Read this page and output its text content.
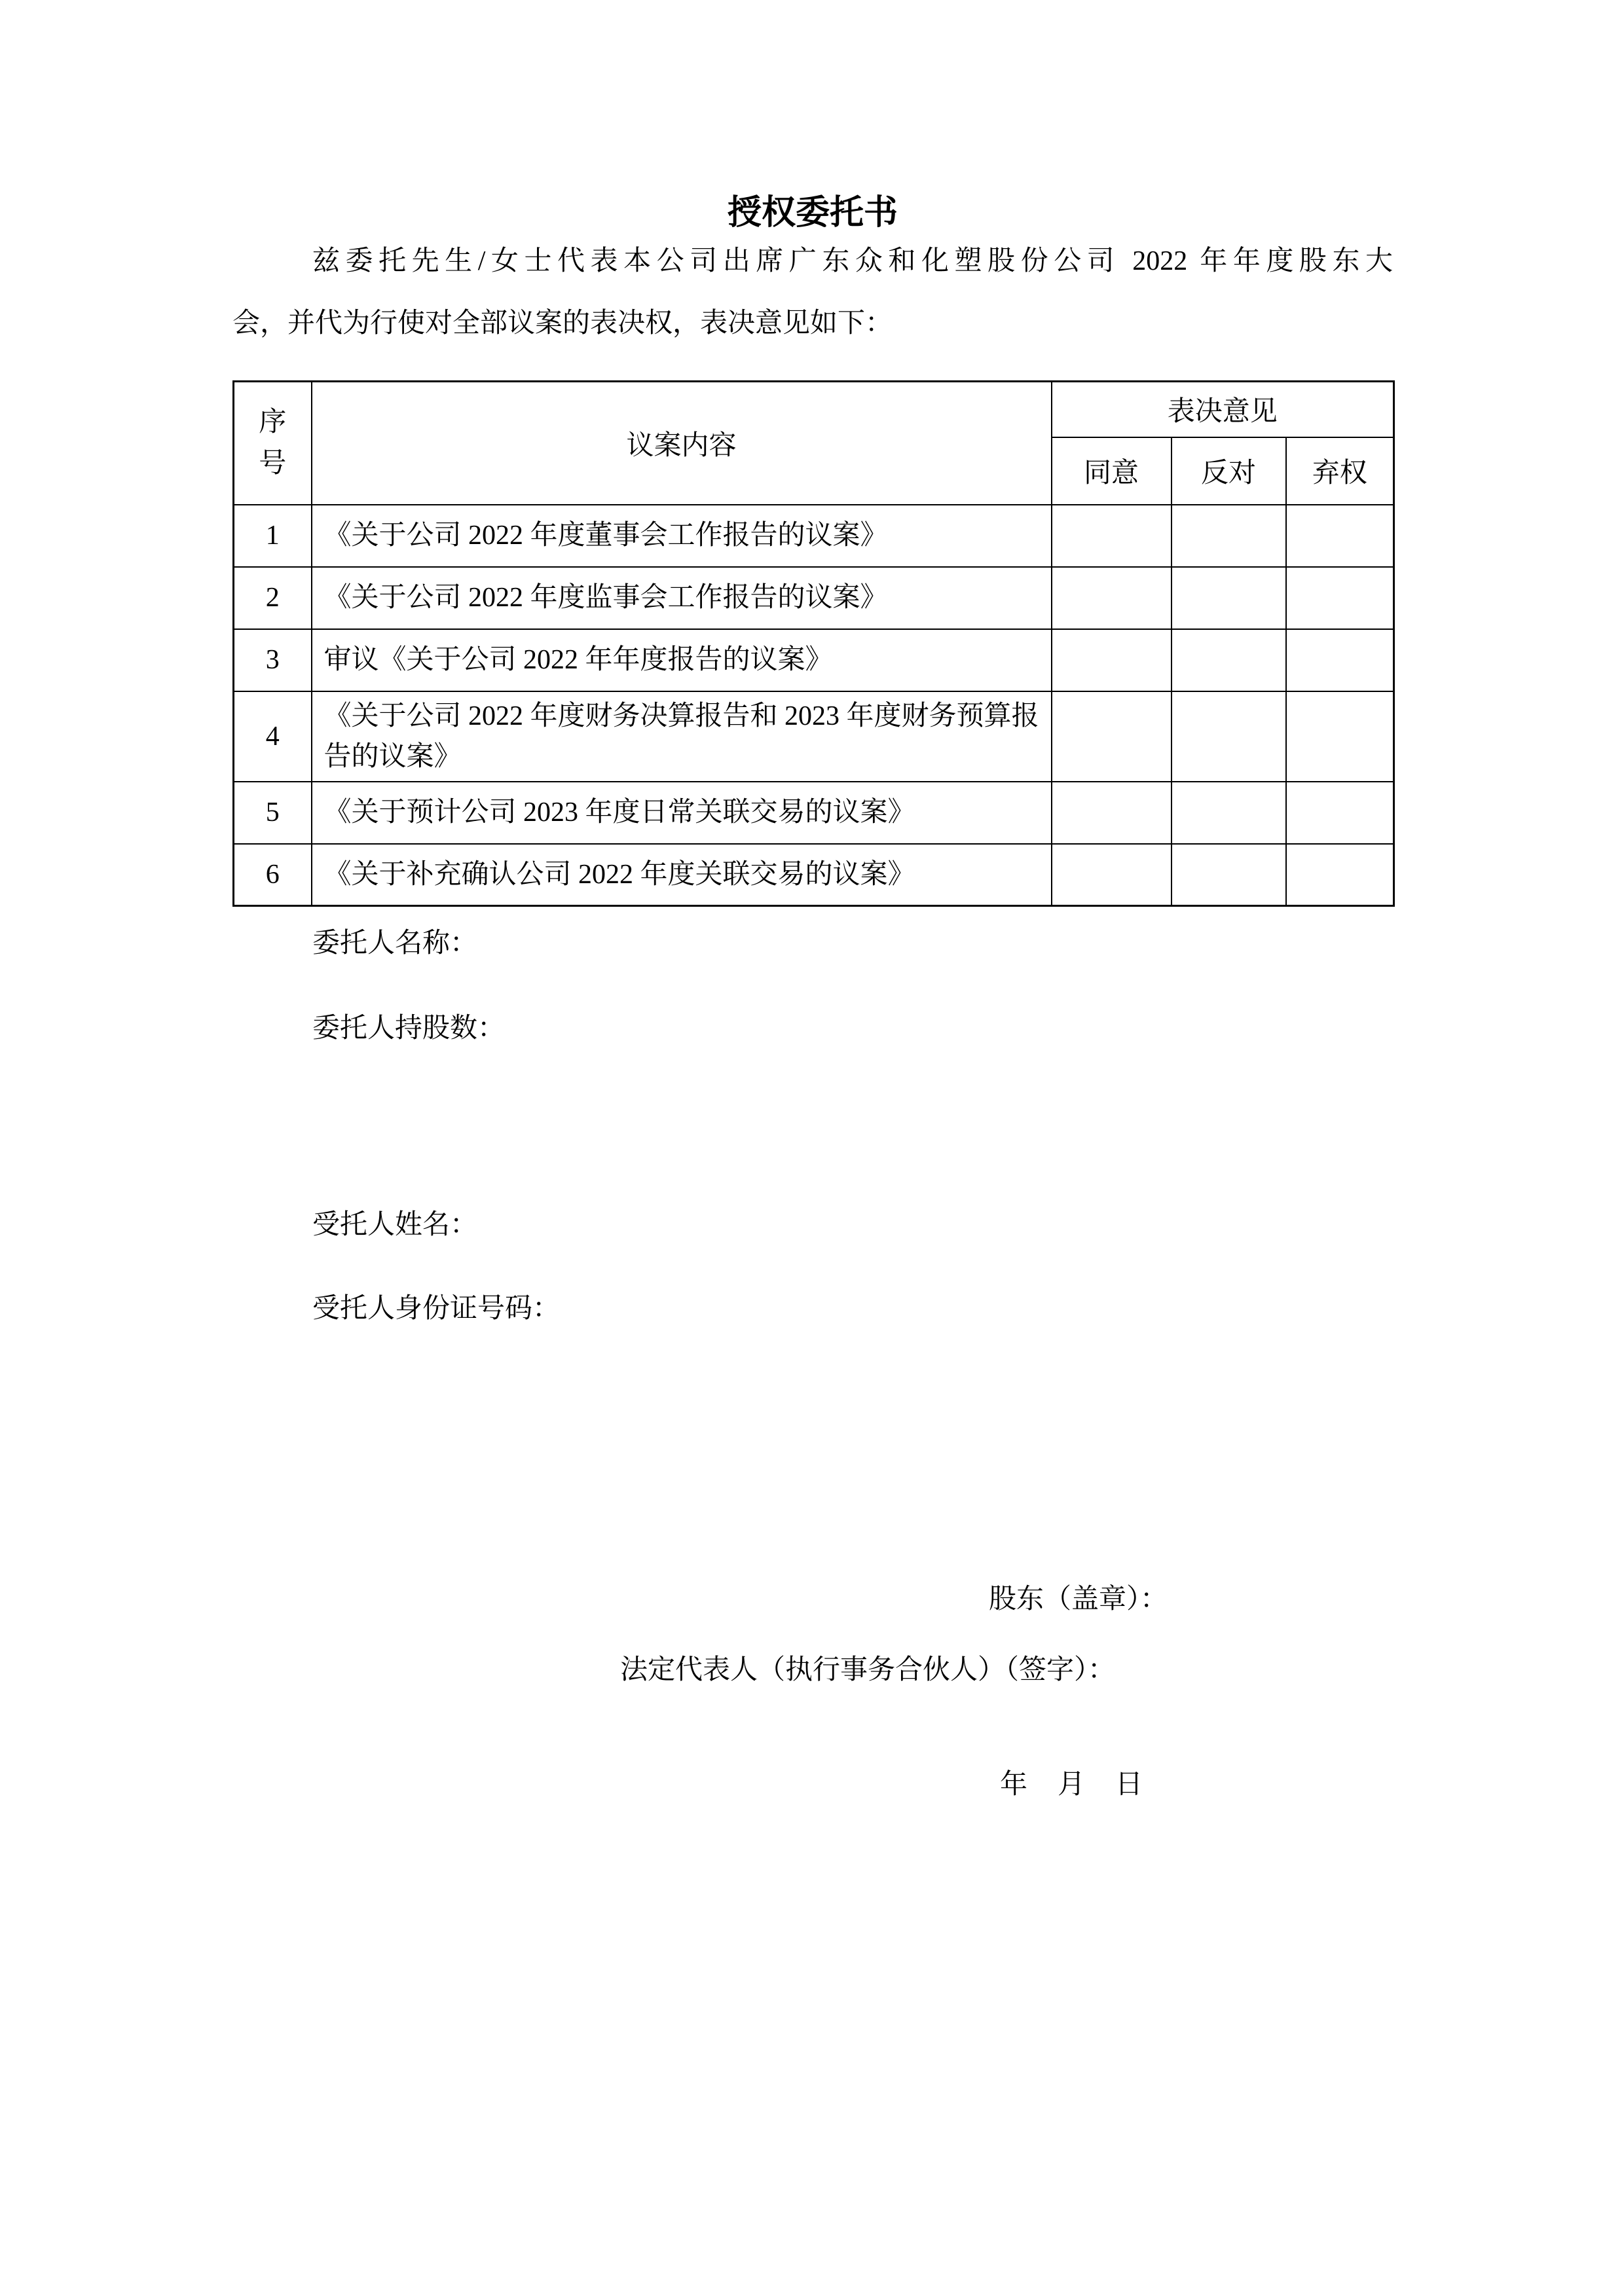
授权委托书

兹委托先生/女士代表本公司出席广东众和化塑股份公司 2022 年年度股东大

会，并代为行使对全部议案的表决权，表决意见如下：

序号	议案内容	表决意见		
		同意	反对	弃权
1	《关于公司 2022 年度董事会工作报告的议案》			
2	《关于公司 2022 年度监事会工作报告的议案》			
3	审议《关于公司 2022 年年度报告的议案》			
4	《关于公司 2022 年度财务决算报告和 2023 年度财务预算报告的议案》			
5	《关于预计公司 2023 年度日常关联交易的议案》			
6	《关于补充确认公司 2022 年度关联交易的议案》			

委托人名称：

委托人持股数：

受托人姓名：

受托人身份证号码：

股东（盖章）：

法定代表人（执行事务合伙人）（签字）：

年 月 日
